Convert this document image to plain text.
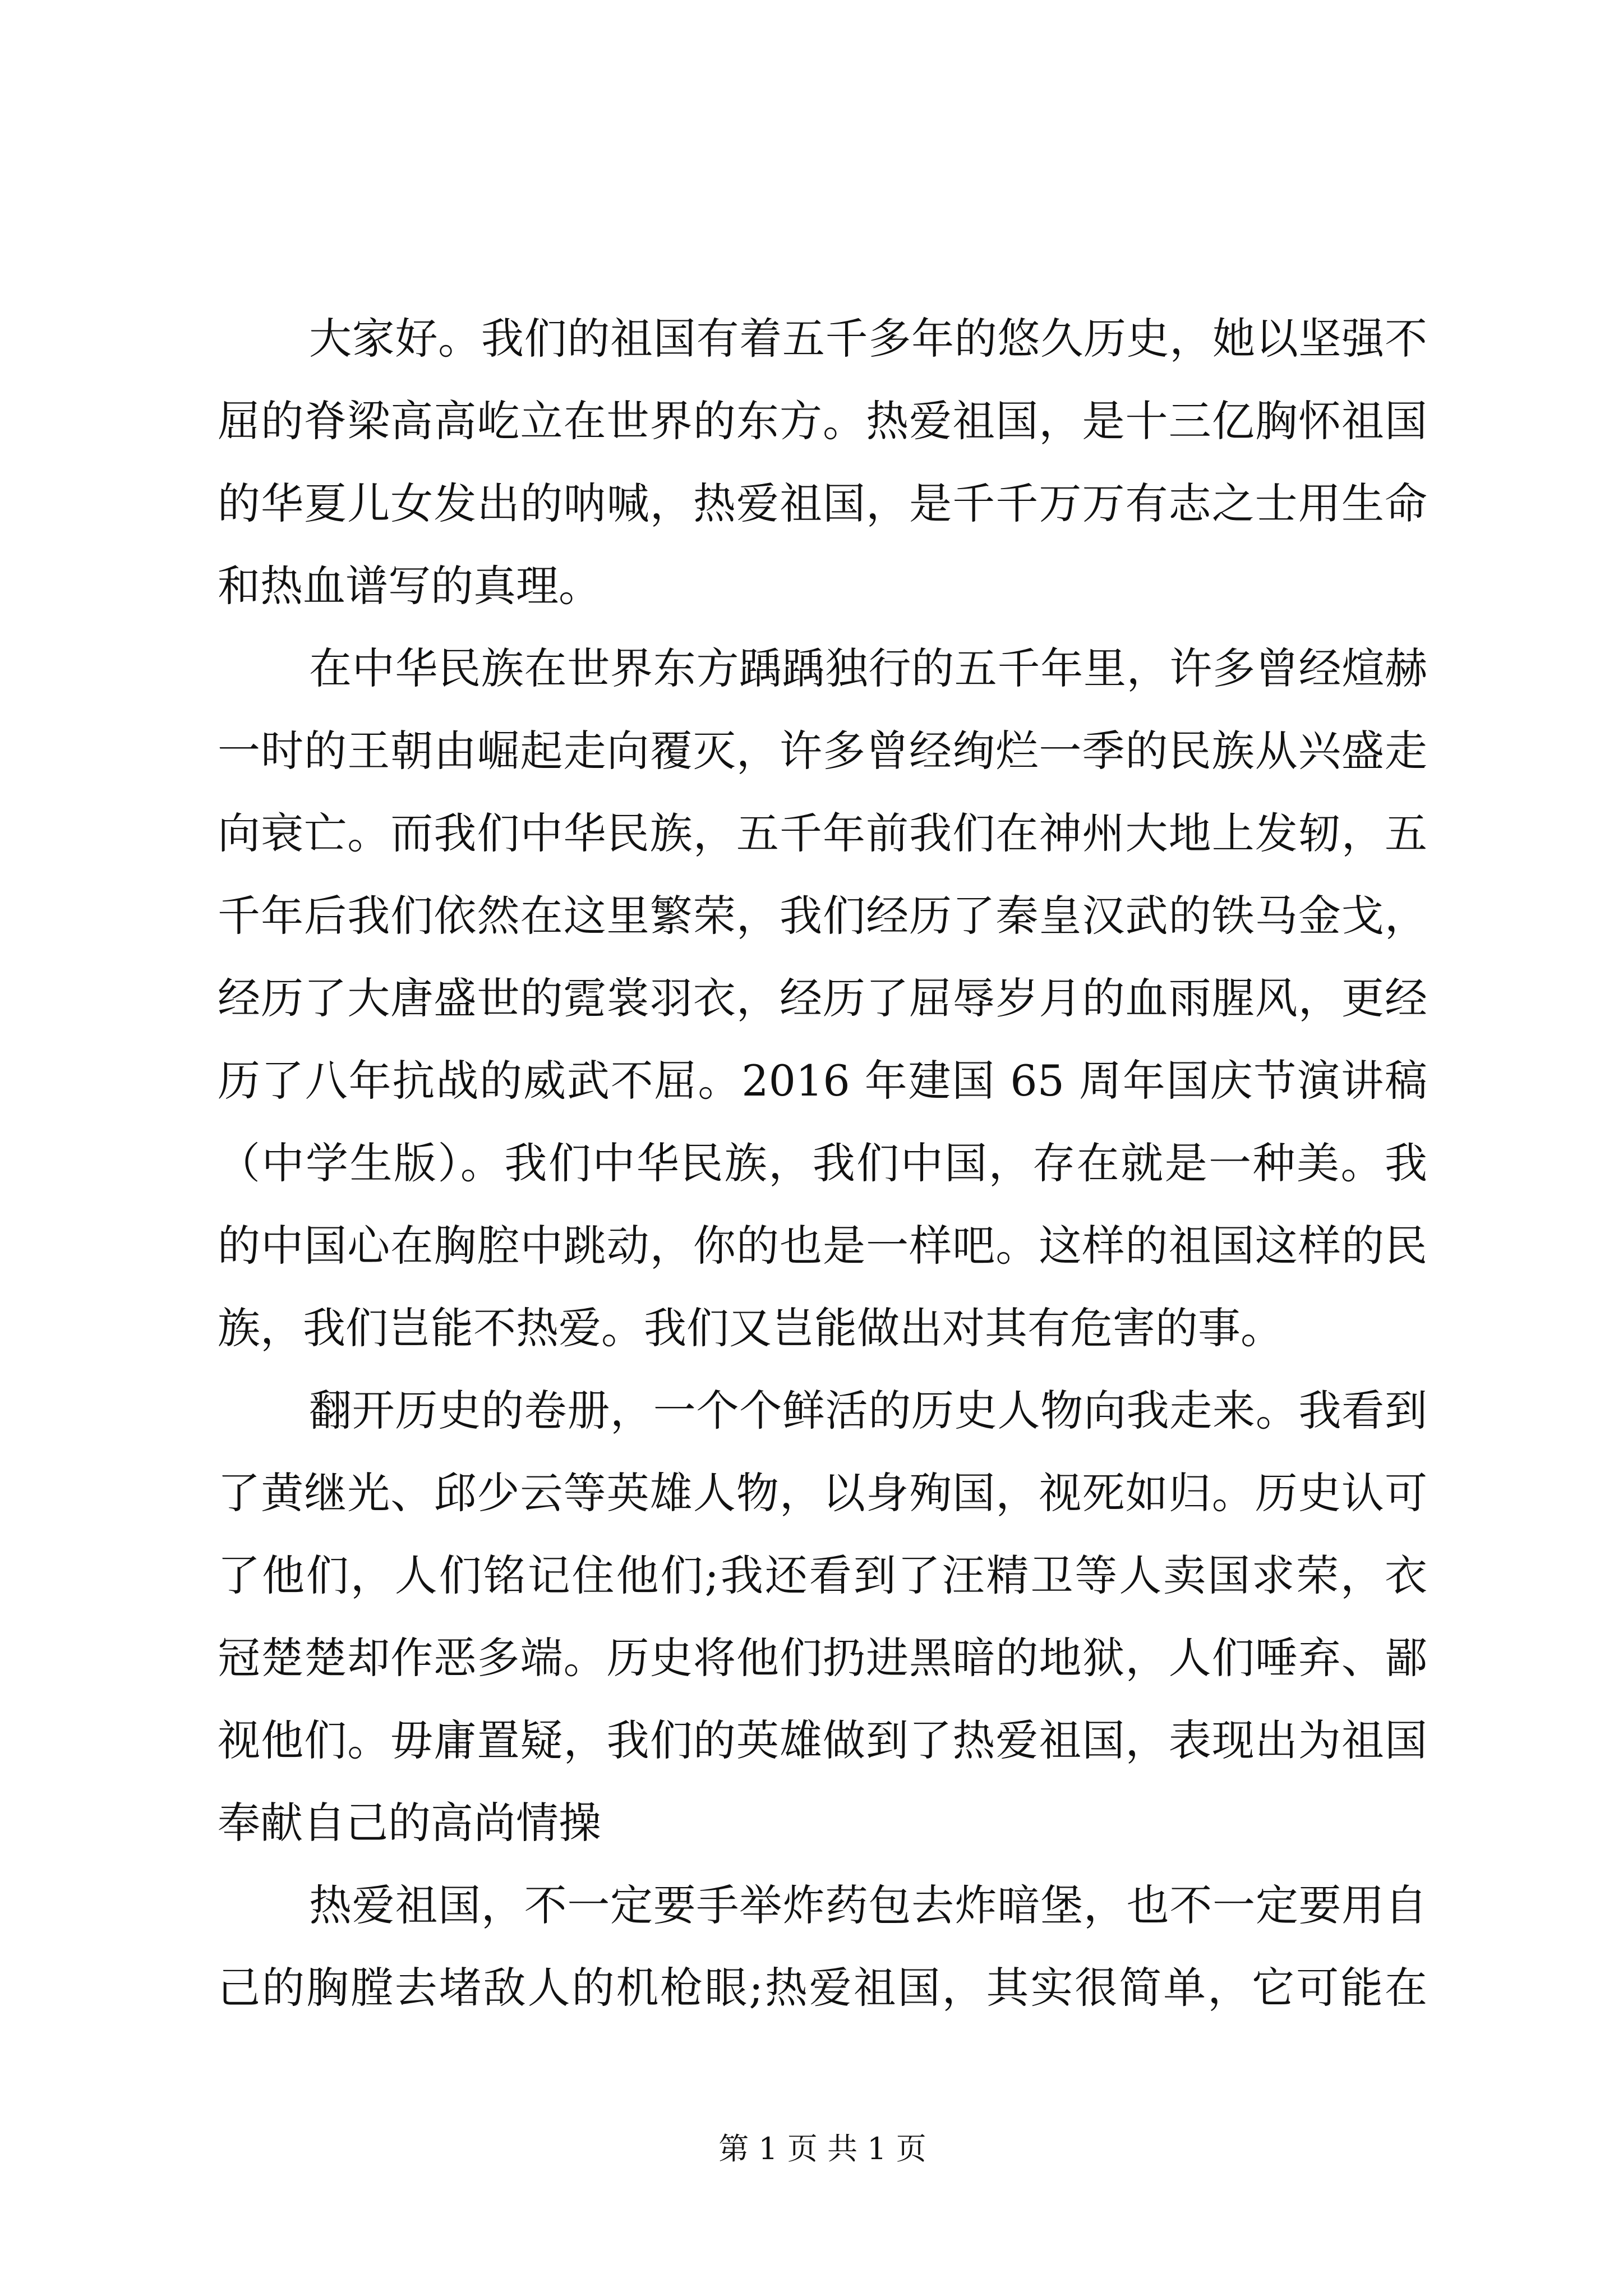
大家好。我们的祖国有着五千多年的悠久历史，她以坚强不
屈的脊梁高高屹立在世界的东方。热爱祖国，是十三亿胸怀祖国
的华夏儿女发出的呐喊，热爱祖国，是千千万万有志之士用生命
和热血谱写的真理。
在中华民族在世界东方踽踽独行的五千年里，许多曾经煊赫
一时的王朝由崛起走向覆灭，许多曾经绚烂一季的民族从兴盛走
向衰亡。而我们中华民族，五千年前我们在神州大地上发轫，五
千年后我们依然在这里繁荣，我们经历了秦皇汉武的铁马金戈，
经历了大唐盛世的霓裳羽衣，经历了屈辱岁月的血雨腥风，更经
历了八年抗战的威武不屈。2016 年建国 65 周年国庆节演讲稿
（中学生版）。我们中华民族，我们中国，存在就是一种美。我
的中国心在胸腔中跳动，你的也是一样吧。这样的祖国这样的民
族，我们岂能不热爱。我们又岂能做出对其有危害的事。
翻开历史的卷册，一个个鲜活的历史人物向我走来。我看到
了黄继光、邱少云等英雄人物，以身殉国，视死如归。历史认可
了他们，人们铭记住他们;我还看到了汪精卫等人卖国求荣，衣
冠楚楚却作恶多端。历史将他们扔进黑暗的地狱，人们唾弃、鄙
视他们。毋庸置疑，我们的英雄做到了热爱祖国，表现出为祖国
奉献自己的高尚情操
热爱祖国，不一定要手举炸药包去炸暗堡，也不一定要用自
己的胸膛去堵敌人的机枪眼;热爱祖国，其实很简单，它可能在
第 1 页 共 1 页
